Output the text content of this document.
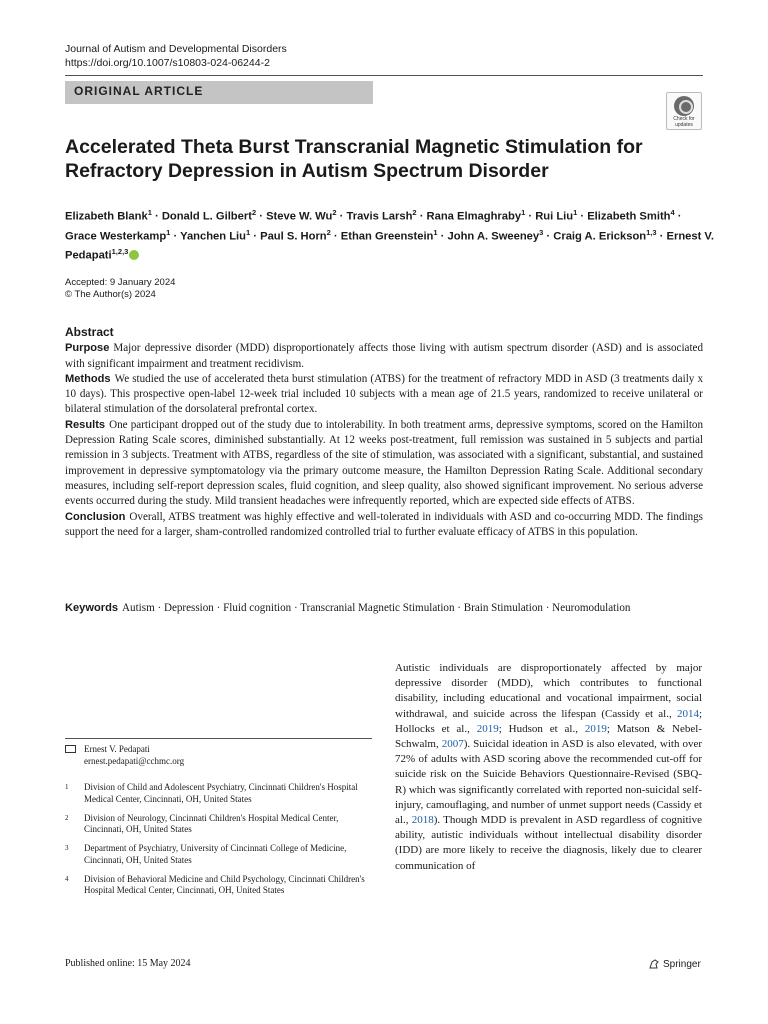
Journal of Autism and Developmental Disorders
https://doi.org/10.1007/s10803-024-06244-2
ORIGINAL ARTICLE
Check for
updates
Accelerated Theta Burst Transcranial Magnetic Stimulation for Refractory Depression in Autism Spectrum Disorder
Elizabeth Blank$^1$ · Donald L. Gilbert$^2$ · Steve W. $Wu^2$ · Travis Larsh$^2$ · Rana Elmaghraby$^1$ · Rui Liu$^1$ · Elizabeth Smith$^4$ · Grace Westerkamp$^1$ · Yanchen Liu$^1$ · Paul S. Horn$^2$ · Ethan Greenstein$^1$ · John A. Sweeney$^3$ · Craig A. Erickson$^{1,3}$ · Ernest V. Pedapati$^{1,2,3}$
Accepted: 9 January 2024
© The Author(s) 2024
Abstract

Purpose Major depressive disorder (MDD) disproportionately affects those living with autism spectrum disorder (ASD) and is associated with significant impairment and treatment recidivism.

Methods We studied the use of accelerated theta burst stimulation (ATBS) for the treatment of refractory MDD in ASD (3 treatments daily x 10 days). This prospective open-label 12-week trial included 10 subjects with a mean age of 21.5 years, randomized to receive unilateral or bilateral stimulation of the dorsolateral prefrontal cortex.

Results One participant dropped out of the study due to intolerability. In both treatment arms, depressive symptoms, scored on the Hamilton Depression Rating Scale scores, diminished substantially. At 12 weeks post-treatment, full remission was sustained in 5 subjects and partial remission in 3 subjects. Treatment with ATBS, regardless of the site of stimulation, was associated with a significant, substantial, and sustained improvement in depressive symptomatology via the primary outcome measure, the Hamilton Depression Rating Scale. Additional secondary measures, including self-report depression scales, fluid cognition, and sleep quality, also showed significant improvement. No serious adverse events occurred during the study. Mild transient headaches were infrequently reported, which are expected side effects of ATBS.

Conclusion Overall, ATBS treatment was highly effective and well-tolerated in individuals with ASD and co-occurring MDD. The findings support the need for a larger, sham-controlled randomized controlled trial to further evaluate efficacy of ATBS in this population.

Keywords Autism · Depression · Fluid cognition · Transcranial Magnetic Stimulation · Brain Stimulation · Neuromodulation
Autistic individuals are disproportionately affected by major depressive disorder (MDD), which contributes to functional disability, including educational and vocational impairment, social withdrawal, and suicide across the lifespan (Cassidy et al., 2014; Hollocks et al., 2019; Hudson et al., 2019; Matson & Nebel-Schwalm, 2007). Suicidal ideation in ASD is also elevated, with over 72% of adults with ASD scoring above the recommended cut-off for suicide risk on the Suicide Behaviors Questionnaire-Revised (SBQ-R) which was significantly correlated with reported non-suicidal self-injury, camouflaging, and number of unmet support needs (Cassidy et al., 2018). Though MDD is prevalent in ASD regardless of cognitive ability, autistic individuals without intellectual disability disorder (IDD) are more likely to receive the diagnosis, likely due to clearer communication of
Ernest V. Pedapati
ernest.pedapati@cchmc.org
1	Division of Child and Adolescent Psychiatry, Cincinnati Children's Hospital Medical Center, Cincinnati, OH, United States
2	Division of Neurology, Cincinnati Children's Hospital Medical Center, Cincinnati, OH, United States
3	Department of Psychiatry, University of Cincinnati College of Medicine, Cincinnati, OH, United States
4	Division of Behavioral Medicine and Child Psychology, Cincinnati Children's Hospital Medical Center, Cincinnati, OH, United States
Published online: 15 May 2024	Springer
